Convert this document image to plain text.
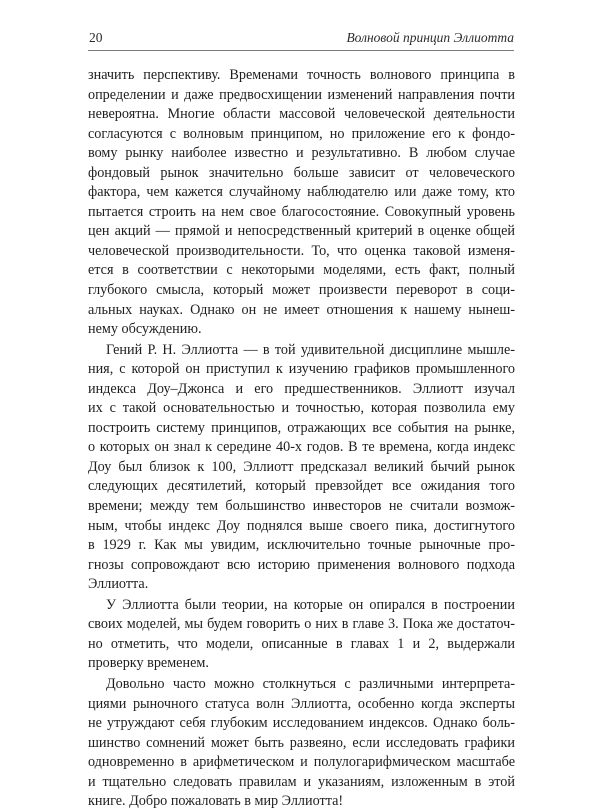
20	Волновой принцип Эллиотта
значить перспективу. Временами точность волнового принципа в
определении и даже предвосхищении изменений направления почти
невероятна. Многие области массовой человеческой деятельности
согласуются с волновым принципом, но приложение его к фондо-
вому рынку наиболее известно и результативно. В любом случае
фондовый рынок значительно больше зависит от человеческого
фактора, чем кажется случайному наблюдателю или даже тому, кто
пытается строить на нем свое благосостояние. Совокупный уровень
цен акций — прямой и непосредственный критерий в оценке общей
человеческой производительности. То, что оценка таковой изменя-
ется в соответствии с некоторыми моделями, есть факт, полный
глубокого смысла, который может произвести переворот в соци-
альных науках. Однако он не имеет отношения к нашему нынеш-
нему обсуждению.
Гений Р. Н. Эллиотта — в той удивительной дисциплине мышле-
ния, с которой он приступил к изучению графиков промышленного
индекса Доу–Джонса и его предшественников. Эллиотт изучал
их с такой основательностью и точностью, которая позволила ему
построить систему принципов, отражающих все события на рынке,
о которых он знал к середине 40-х годов. В те времена, когда индекс
Доу был близок к 100, Эллиотт предсказал великий бычий рынок
следующих десятилетий, который превзойдет все ожидания того
времени; между тем большинство инвесторов не считали возмож-
ным, чтобы индекс Доу поднялся выше своего пика, достигнутого
в 1929 г. Как мы увидим, исключительно точные рыночные про-
гнозы сопровождают всю историю применения волнового подхода
Эллиотта.
У Эллиотта были теории, на которые он опирался в построении
своих моделей, мы будем говорить о них в главе 3. Пока же достаточ-
но отметить, что модели, описанные в главах 1 и 2, выдержали
проверку временем.
Довольно часто можно столкнуться с различными интерпрета-
циями рыночного статуса волн Эллиотта, особенно когда эксперты
не утруждают себя глубоким исследованием индексов. Однако боль-
шинство сомнений может быть развеяно, если исследовать графики
одновременно в арифметическом и полулогарифмическом масштабе
и тщательно следовать правилам и указаниям, изложенным в этой
книге. Добро пожаловать в мир Эллиотта!
